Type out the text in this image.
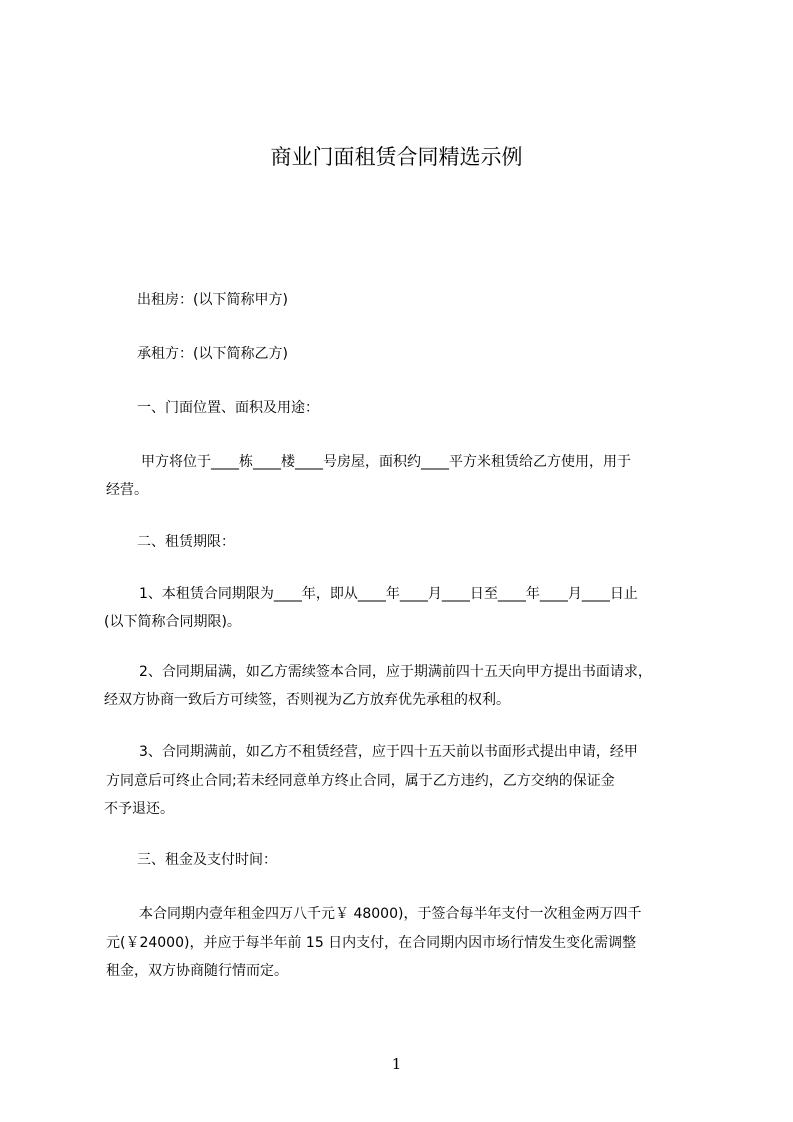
商业门面租赁合同精选示例
出租房：(以下简称甲方)
承租方：(以下简称乙方)
一、门面位置、面积及用途：
甲方将位于____栋____楼____号房屋，面积约____平方米租赁给乙方使用，用于
经营。
二、租赁期限：
1、本租赁合同期限为____年，即从____年____月____日至____年____月____日止
(以下简称合同期限)。
2、合同期届满，如乙方需续签本合同，应于期满前四十五天向甲方提出书面请求，
经双方协商一致后方可续签，否则视为乙方放弃优先承租的权利。
3、合同期满前，如乙方不租赁经营，应于四十五天前以书面形式提出申请，经甲
方同意后可终止合同;若未经同意单方终止合同，属于乙方违约，乙方交纳的保证金
不予退还。
三、租金及支付时间：
本合同期内壹年租金四万八千元￥ 48000)，于签合每半年支付一次租金两万四千
元(￥24000)，并应于每半年前 15 日内支付，在合同期内因市场行情发生变化需调整
租金，双方协商随行情而定。
1
